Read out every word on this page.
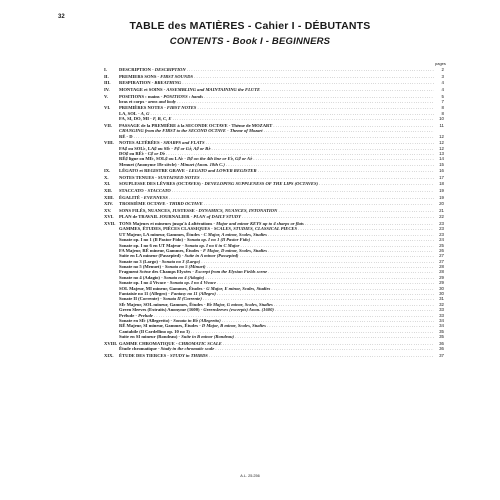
32
TABLE des MATIÈRES - Cahier I - DÉBUTANTS
CONTENTS - Book I - BEGINNERS
pages
I.	DESCRIPTION - DESCRIPTION . . .	2
II.	PREMIERS SONS - FIRST SOUNDS . . .	3
III.	RESPIRATION - BREATHING . . .	4
IV.	MONTAGE et SOINS - ASSEMBLING and MAINTAINING the FLUTE . . .	4
V.	POSITIONS : mains - POSITIONS : hands . . .	5
bras et corps - arms and body . . .	7
VI.	PREMIÈRES NOTES - FIRST NOTES . . .	8
LA, SOL - A, G . . .	8
FA, SI, DO, MI - F, B, C, E . . .	10
VII.	PASSAGE de la PREMIÈRE à la SECONDE OCTAVE - Thème de MOZART . . .	11
CHANGING from the FIRST to the SECOND OCTAVE - Theme of Mozart . . .
RÉ - D . . .	12
VIII.	NOTES ALTÉRÉES - SHARPS and FLATS . . .	12
FA♯ ou SOL♭, LA♯ ou SI♭ - F♯ or G♭, A♯ or B♭ . . .	12
DO♯ ou RÉ♭ - C♯ or D♭ . . .	13
RÉ♯ ligne ou MI♭, SOL♯ ou LA♭ - D♯ on the 4th line or E♭, G♯ or A♭ . . .	14
Menuet (Anonyme 18e siècle) - Minuet (Anon. 18th C.) . . .	15
IX.	LÉGATO et REGISTRE GRAVE - LEGATO and LOWER REGISTER . . .	16
X.	NOTES TENUES - SUSTAINED NOTES . . .	17
XI.	SOUPLESSE DES LÈVRES (OCTAVES) - DEVELOPING SUPPLENESS OF THE LIPS (OCTAVES) . . .	18
XII.	STACCATO - STACCATO . . .	19
XIII.	ÉGALITÉ - EVENNESS . . .	19
XIV.	TROISIÈME OCTAVE - THIRD OCTAVE . . .	20
XV.	SONS FILÉS, NUANCES, JUSTESSE - DYNAMICS, NUANCES, INTONATION . . .	21
XVI.	PLAN de TRAVAIL JOURNALIER - PLAN of DAILY STUDY . . .	22
XVII. TONS Majeurs et mineurs jusqu'à 4 altérations - Major and minor KEYS up to 4 sharps or flats . . .	23
GAMMES, ÉTUDES, PIÈCES CLASSIQUES - SCALES, STUDIES, CLASSICAL PIECES . . .	23
UT Majeur, LA mineur, Gammes, Études - C Major, A minor, Scales, Studies . . .	23
Sonate op. I no 1 (Il Pastor Fido) - Sonata op. I no 1 (Il Pastor Fido) . . .	24
Sonate op. I no 6 en UT Majeur - Sonata op. I no 6 in C Major . . .	25
FA Majeur, RÉ mineur, Gammes, Études - F Major, D minor, Scales, Studies . . .	26
Suite en LA mineur (Passepied) - Suite in A minor (Passepied) . . .	27
Sonate no 3 (Largo) - Sonata no 3 (Largo) . . .	27
Sonate no 5 (Menuet) - Sonata no 5 (Minuet) . . .	28
Fragment Scène des Champs Elysées - Excerpt from the Elysian Fields scene . . .	28
Sonate no 4 (Adagio) - Sonata no 4 (Adagio) . . .	29
Sonate op. I no 4 Vivace - Sonata op. I no 4 Vivace . . .	29
SOL Majeur, MI mineur, Gammes, Études - G Major, E minor, Scales, Studies . . .	30
Fantaisie no 11 (Allegro) - Fantasy no 11 (Allegro) . . .	30
Sonate II (Corrente) - Sonata II (Corrente) . . .	31
SI♭ Majeur, SOL mineur, Gammes, Études - B♭ Major, G minor, Scales, Studies . . .	32
Green Sleeves (Extraits) Anonyme (1600) - Greensleeves (excerpts) Anon. (1600) . . .	33
Prélude - Prelude . . .	33
Sonate en SI♭ (Allegretto) - Sonata in B♭ (Allegretto) . . .	34
RÉ Majeur, SI mineur, Gammes, Études - D Major, B minor, Scales, Studies . . .	34
Cantabile (Il Cardellino op. 10 no 3) . . .	35
Suite en SI mineur (Rondeau) - Suite in B minor (Rondeau) . . .	35
XVIII. GAMME CHROMATIQUE - CHROMATIC SCALE . . .	36
Étude chromatique - Study in the chromatic scale . . .	36
XIX.	ÉTUDE DES TIERCES - STUDY in THIRDS . . .	37
A.L. 25.256
